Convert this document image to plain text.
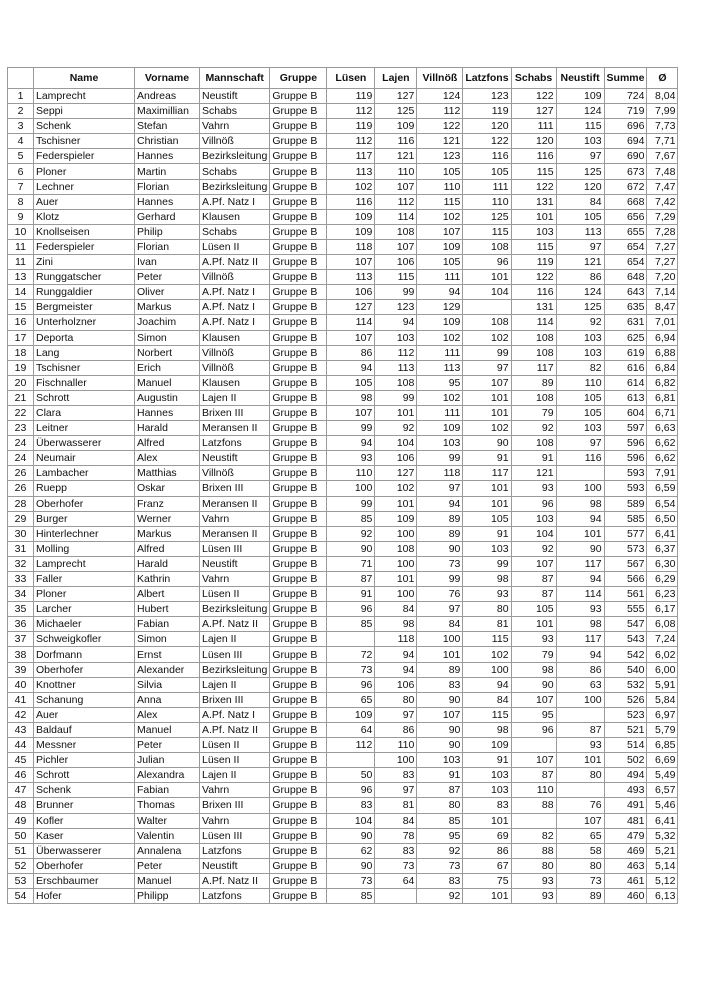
	Name	Vorname	Mannschaft	Gruppe	Lüsen	Lajen	Villnöß	Latzfons	Schabs	Neustift	Summe	Ø
1	Lamprecht	Andreas	Neustift	Gruppe B	119	127	124	123	122	109	724	8,04
2	Seppi	Maximillian	Schabs	Gruppe B	112	125	112	119	127	124	719	7,99
3	Schenk	Stefan	Vahrn	Gruppe B	119	109	122	120	111	115	696	7,73
4	Tschisner	Christian	Villnöß	Gruppe B	112	116	121	122	120	103	694	7,71
5	Federspieler	Hannes	Bezirksleitung	Gruppe B	117	121	123	116	116	97	690	7,67
6	Ploner	Martin	Schabs	Gruppe B	113	110	105	105	115	125	673	7,48
7	Lechner	Florian	Bezirksleitung	Gruppe B	102	107	110	111	122	120	672	7,47
8	Auer	Hannes	A.Pf. Natz I	Gruppe B	116	112	115	110	131	84	668	7,42
9	Klotz	Gerhard	Klausen	Gruppe B	109	114	102	125	101	105	656	7,29
10	Knollseisen	Philip	Schabs	Gruppe B	109	108	107	115	103	113	655	7,28
11	Federspieler	Florian	Lüsen II	Gruppe B	118	107	109	108	115	97	654	7,27
11	Zini	Ivan	A.Pf. Natz II	Gruppe B	107	106	105	96	119	121	654	7,27
13	Runggatscher	Peter	Villnöß	Gruppe B	113	115	111	101	122	86	648	7,20
14	Runggaldier	Oliver	A.Pf. Natz I	Gruppe B	106	99	94	104	116	124	643	7,14
15	Bergmeister	Markus	A.Pf. Natz I	Gruppe B	127	123	129		131	125	635	8,47
16	Unterholzner	Joachim	A.Pf. Natz I	Gruppe B	114	94	109	108	114	92	631	7,01
17	Deporta	Simon	Klausen	Gruppe B	107	103	102	102	108	103	625	6,94
18	Lang	Norbert	Villnöß	Gruppe B	86	112	111	99	108	103	619	6,88
19	Tschisner	Erich	Villnöß	Gruppe B	94	113	113	97	117	82	616	6,84
20	Fischnaller	Manuel	Klausen	Gruppe B	105	108	95	107	89	110	614	6,82
21	Schrott	Augustin	Lajen II	Gruppe B	98	99	102	101	108	105	613	6,81
22	Clara	Hannes	Brixen III	Gruppe B	107	101	111	101	79	105	604	6,71
23	Leitner	Harald	Meransen II	Gruppe B	99	92	109	102	92	103	597	6,63
24	Überwasserer	Alfred	Latzfons	Gruppe B	94	104	103	90	108	97	596	6,62
24	Neumair	Alex	Neustift	Gruppe B	93	106	99	91	91	116	596	6,62
26	Lambacher	Matthias	Villnöß	Gruppe B	110	127	118	117	121		593	7,91
26	Ruepp	Oskar	Brixen III	Gruppe B	100	102	97	101	93	100	593	6,59
28	Oberhofer	Franz	Meransen II	Gruppe B	99	101	94	101	96	98	589	6,54
29	Burger	Werner	Vahrn	Gruppe B	85	109	89	105	103	94	585	6,50
30	Hinterlechner	Markus	Meransen II	Gruppe B	92	100	89	91	104	101	577	6,41
31	Molling	Alfred	Lüsen III	Gruppe B	90	108	90	103	92	90	573	6,37
32	Lamprecht	Harald	Neustift	Gruppe B	71	100	73	99	107	117	567	6,30
33	Faller	Kathrin	Vahrn	Gruppe B	87	101	99	98	87	94	566	6,29
34	Ploner	Albert	Lüsen II	Gruppe B	91	100	76	93	87	114	561	6,23
35	Larcher	Hubert	Bezirksleitung	Gruppe B	96	84	97	80	105	93	555	6,17
36	Michaeler	Fabian	A.Pf. Natz II	Gruppe B	85	98	84	81	101	98	547	6,08
37	Schweigkofler	Simon	Lajen II	Gruppe B		118	100	115	93	117	543	7,24
38	Dorfmann	Ernst	Lüsen III	Gruppe B	72	94	101	102	79	94	542	6,02
39	Oberhofer	Alexander	Bezirksleitung	Gruppe B	73	94	89	100	98	86	540	6,00
40	Knottner	Silvia	Lajen II	Gruppe B	96	106	83	94	90	63	532	5,91
41	Schanung	Anna	Brixen III	Gruppe B	65	80	90	84	107	100	526	5,84
42	Auer	Alex	A.Pf. Natz I	Gruppe B	109	97	107	115	95		523	6,97
43	Baldauf	Manuel	A.Pf. Natz II	Gruppe B	64	86	90	98	96	87	521	5,79
44	Messner	Peter	Lüsen II	Gruppe B	112	110	90	109		93	514	6,85
45	Pichler	Julian	Lüsen II	Gruppe B		100	103	91	107	101	502	6,69
46	Schrott	Alexandra	Lajen II	Gruppe B	50	83	91	103	87	80	494	5,49
47	Schenk	Fabian	Vahrn	Gruppe B	96	97	87	103	110		493	6,57
48	Brunner	Thomas	Brixen III	Gruppe B	83	81	80	83	88	76	491	5,46
49	Kofler	Walter	Vahrn	Gruppe B	104	84	85	101		107	481	6,41
50	Kaser	Valentin	Lüsen III	Gruppe B	90	78	95	69	82	65	479	5,32
51	Überwasserer	Annalena	Latzfons	Gruppe B	62	83	92	86	88	58	469	5,21
52	Oberhofer	Peter	Neustift	Gruppe B	90	73	73	67	80	80	463	5,14
53	Erschbaumer	Manuel	A.Pf. Natz II	Gruppe B	73	64	83	75	93	73	461	5,12
54	Hofer	Philipp	Latzfons	Gruppe B	85		92	101	93	89	460	6,13
